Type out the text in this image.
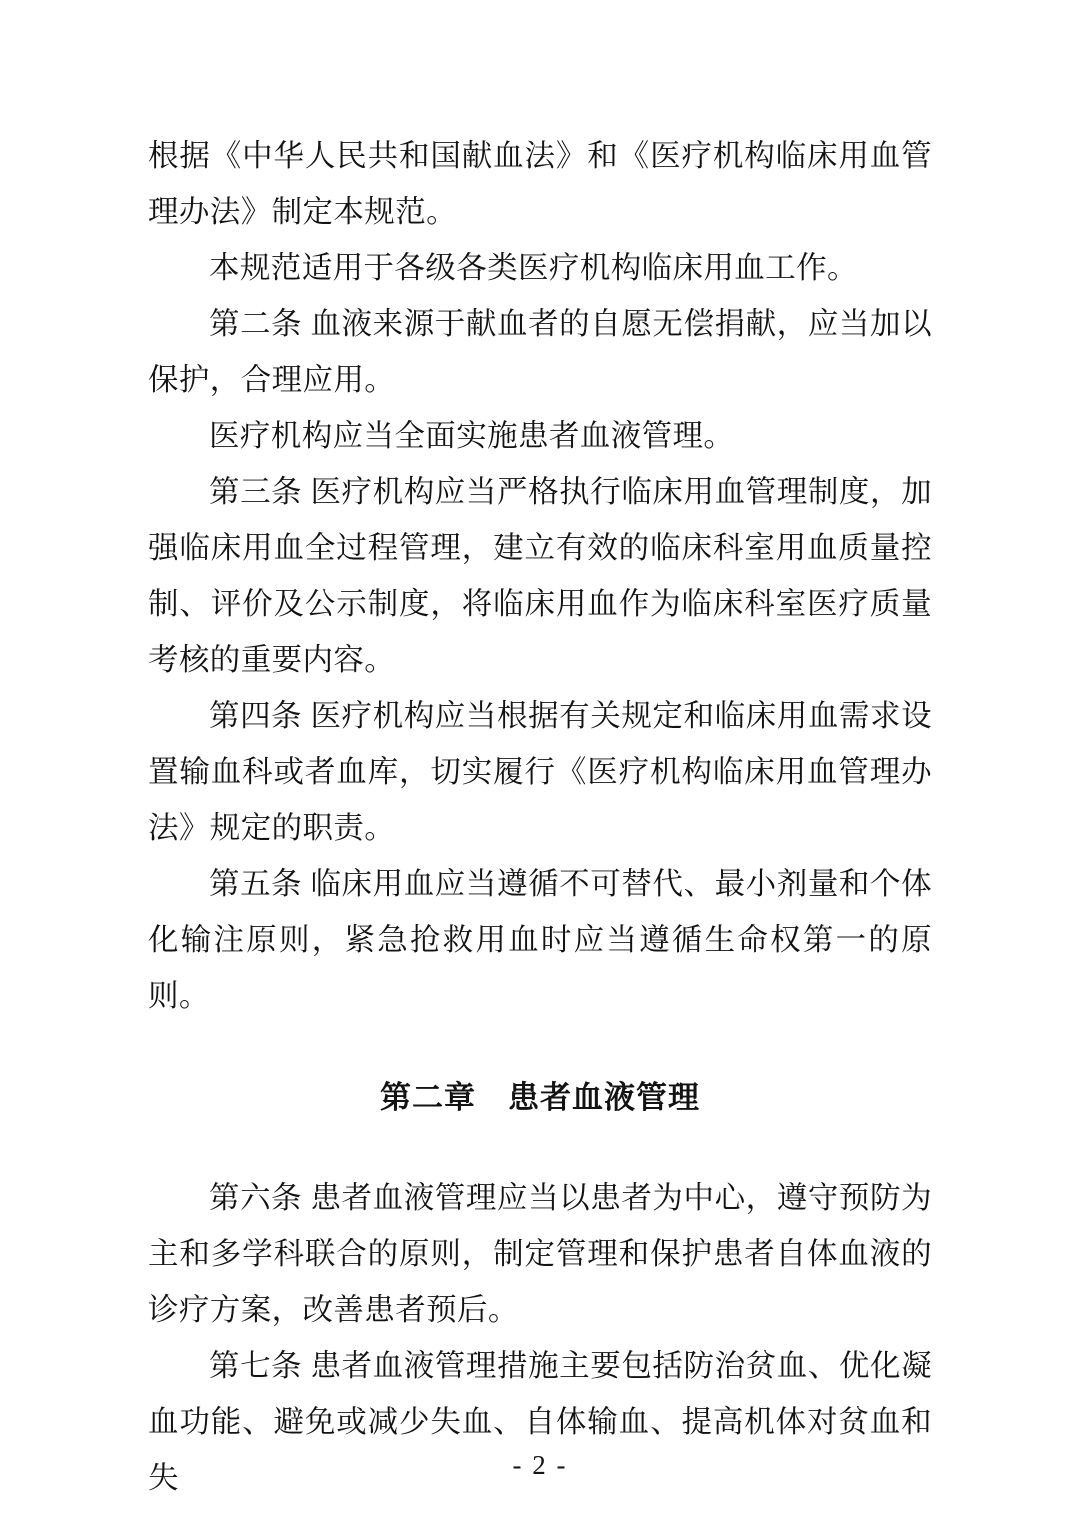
根据《中华人民共和国献血法》和《医疗机构临床用血管理办法》制定本规范。

本规范适用于各级各类医疗机构临床用血工作。

第二条 血液来源于献血者的自愿无偿捐献，应当加以保护，合理应用。

医疗机构应当全面实施患者血液管理。

第三条 医疗机构应当严格执行临床用血管理制度，加强临床用血全过程管理，建立有效的临床科室用血质量控制、评价及公示制度，将临床用血作为临床科室医疗质量考核的重要内容。

第四条 医疗机构应当根据有关规定和临床用血需求设置输血科或者血库，切实履行《医疗机构临床用血管理办法》规定的职责。

第五条 临床用血应当遵循不可替代、最小剂量和个体化输注原则，紧急抢救用血时应当遵循生命权第一的原则。

第二章　患者血液管理

第六条 患者血液管理应当以患者为中心，遵守预防为主和多学科联合的原则，制定管理和保护患者自体血液的诊疗方案，改善患者预后。

第七条 患者血液管理措施主要包括防治贫血、优化凝血功能、避免或减少失血、自体输血、提高机体对贫血和失	- 2 -
